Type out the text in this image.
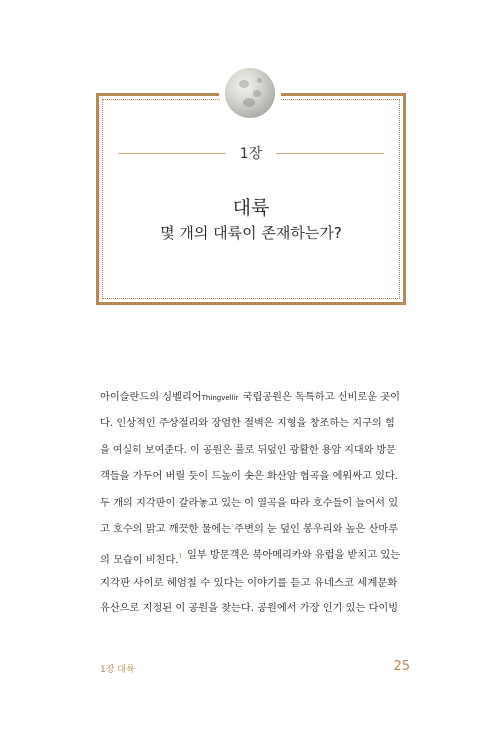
1장
대륙
몇 개의 대륙이 존재하는가?
아이슬란드의 싱벨리어Thingvellir 국립공원은 독특하고 신비로운 곳이
다. 인상적인 주상절리와 장엄한 절벽은 지형을 창조하는 지구의 힘
을 여실히 보여준다. 이 공원은 풀로 뒤덮인 광활한 용암 지대와 방문
객들을 가두어 버릴 듯이 드높이 솟은 화산암 협곡을 에워싸고 있다.
두 개의 지각판이 갈라놓고 있는 이 열곡을 따라 호수들이 늘어서 있
고 호수의 맑고 깨끗한 물에는 주변의 눈 덮인 봉우리와 높은 산마루
의 모습이 비친다.1 일부 방문객은 북아메리카와 유럽을 받치고 있는
지각판 사이로 헤엄칠 수 있다는 이야기를 듣고 유네스코 세계문화
유산으로 지정된 이 공원을 찾는다. 공원에서 가장 인기 있는 다이빙
1장 대륙	25
